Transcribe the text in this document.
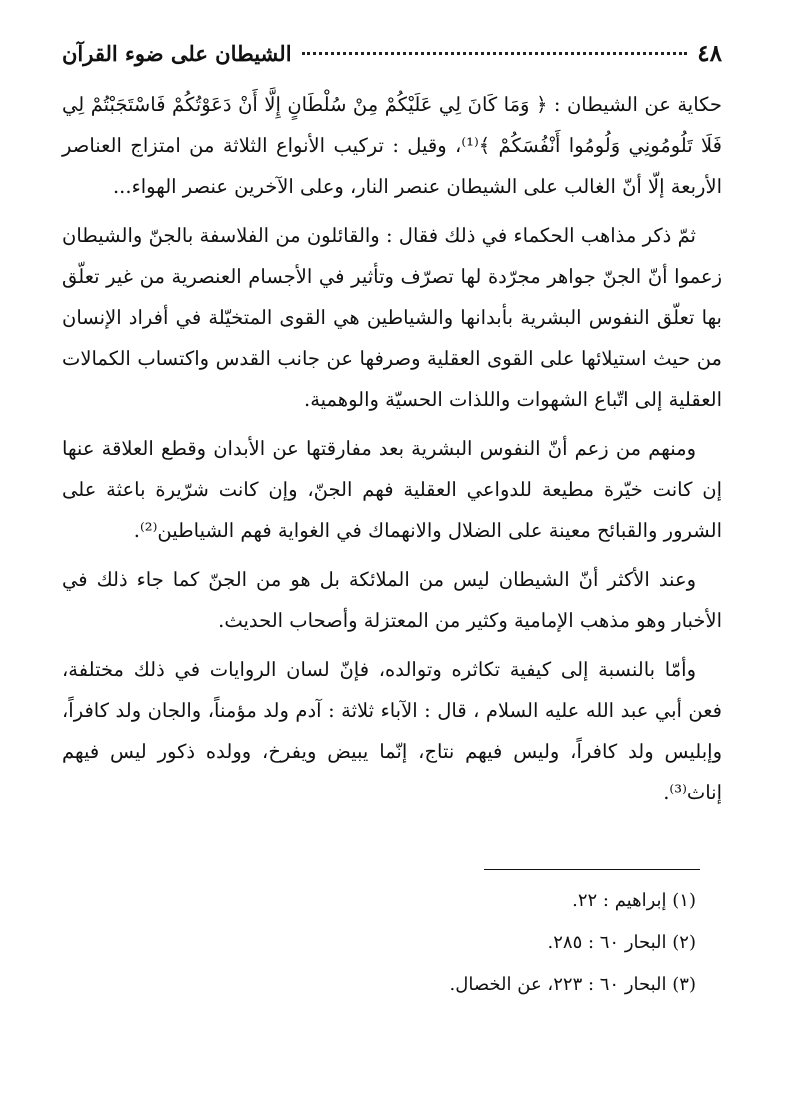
٤٨
الشيطان على ضوء القرآن

حكاية عن الشيطان : ﴿ وَمَا كَانَ لِي عَلَيْكُمْ مِنْ سُلْطَانٍ إِلَّا أَنْ دَعَوْتُكُمْ فَاسْتَجَبْتُمْ لِي فَلَا تَلُومُونِي وَلُومُوا أَنْفُسَكُمْ ﴾⁽¹⁾، وقيل : تركيب الأنواع الثلاثة من امتزاج العناصر الأربعة إلّا أنّ الغالب على الشيطان عنصر النار، وعلى الآخرين عنصر الهواء...

ثمّ ذكر مذاهب الحكماء في ذلك فقال : والقائلون من الفلاسفة بالجنّ والشيطان زعموا أنّ الجنّ جواهر مجرّدة لها تصرّف وتأثير في الأجسام العنصرية من غير تعلّق بها تعلّق النفوس البشرية بأبدانها والشياطين هي القوى المتخيّلة في أفراد الإنسان من حيث استيلائها على القوى العقلية وصرفها عن جانب القدس واكتساب الكمالات العقلية إلى اتّباع الشهوات واللذات الحسيّة والوهمية.

ومنهم من زعم أنّ النفوس البشرية بعد مفارقتها عن الأبدان وقطع العلاقة عنها إن كانت خيّرة مطيعة للدواعي العقلية فهم الجنّ، وإن كانت شرّيرة باعثة على الشرور والقبائح معينة على الضلال والانهماك في الغواية فهم الشياطين⁽²⁾.

وعند الأكثر أنّ الشيطان ليس من الملائكة بل هو من الجنّ كما جاء ذلك في الأخبار وهو مذهب الإمامية وكثير من المعتزلة وأصحاب الحديث.

وأمّا بالنسبة إلى كيفية تكاثره وتوالده، فإنّ لسان الروايات في ذلك مختلفة، فعن أبي عبد الله عليه السلام ، قال : الآباء ثلاثة : آدم ولد مؤمناً، والجان ولد كافراً، وإبليس ولد كافراً، وليس فيهم نتاج، إنّما يبيض ويفرخ، وولده ذكور ليس فيهم إناث⁽³⁾.

(١) إبراهيم : ٢٢.
(٢) البحار ٦٠ : ٢٨٥.
(٣) البحار ٦٠ : ٢٢٣، عن الخصال.
